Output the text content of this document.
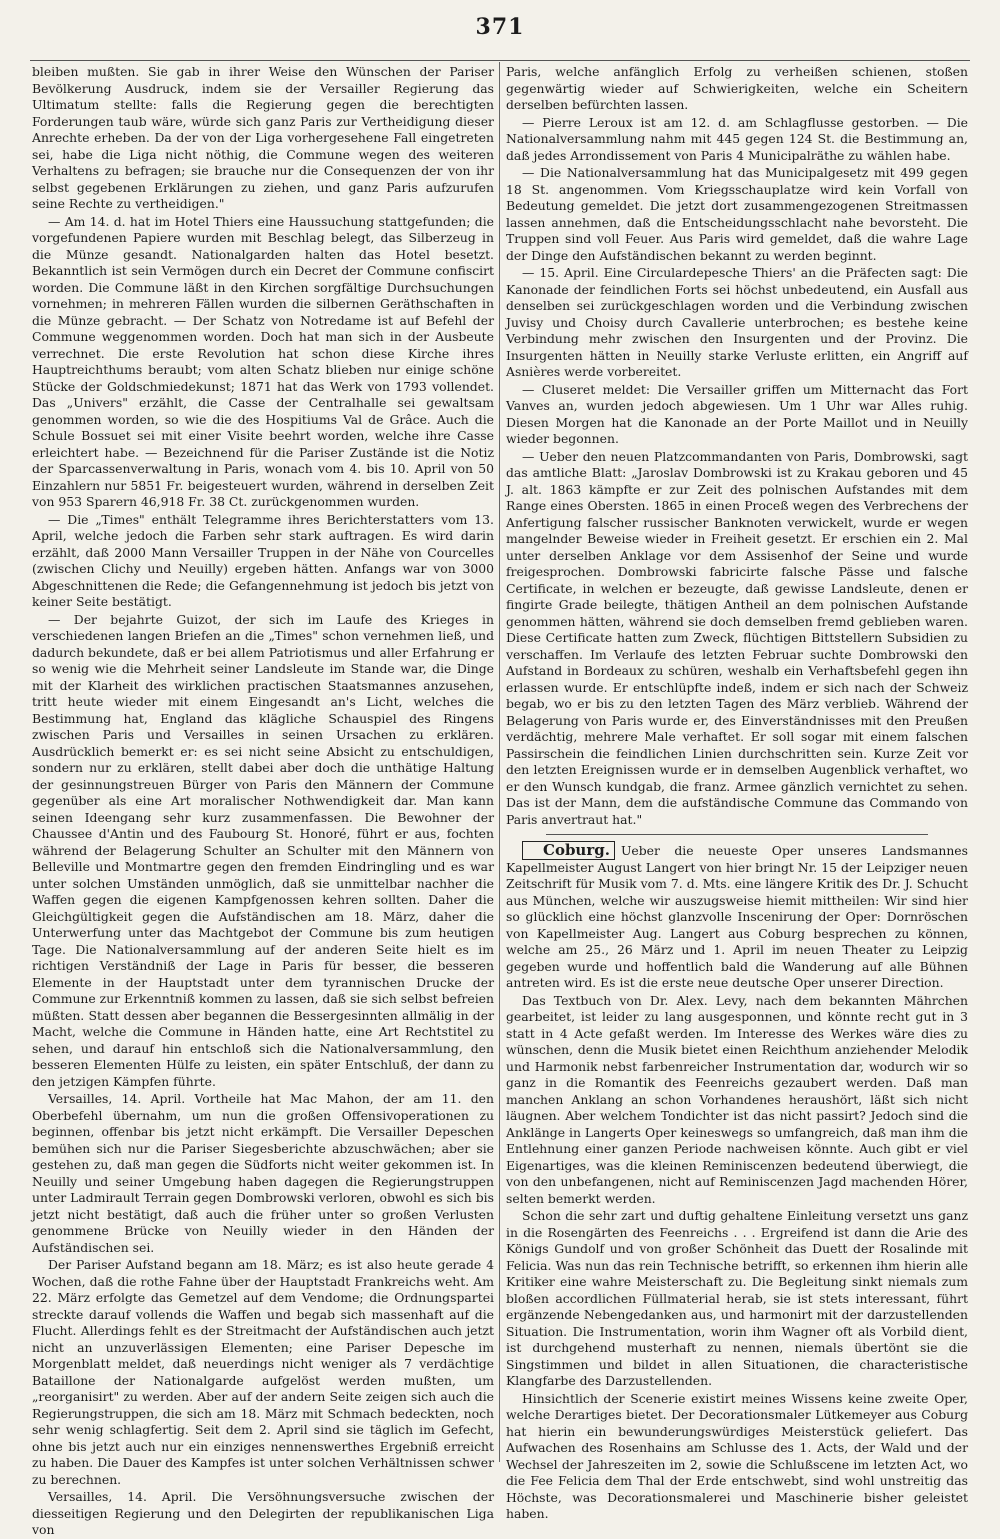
371

bleiben mußten. Sie gab in ihrer Weise den Wünschen der Pariser Bevölkerung Ausdruck, indem sie der Versailler Regierung das Ultimatum stellte: falls die Regierung gegen die berechtigten Forderungen taub wäre, würde sich ganz Paris zur Vertheidigung dieser Anrechte erheben. Da der von der Liga vorhergesehene Fall eingetreten sei, habe die Liga nicht nöthig, die Commune wegen des weiteren Verhaltens zu befragen; sie brauche nur die Consequenzen der von ihr selbst gegebenen Erklärungen zu ziehen, und ganz Paris aufzurufen seine Rechte zu vertheidigen."

— Am 14. d. hat im Hotel Thiers eine Haussuchung stattgefunden; die vorgefundenen Papiere wurden mit Beschlag belegt, das Silberzeug in die Münze gesandt. Nationalgarden halten das Hotel besetzt. Bekanntlich ist sein Vermögen durch ein Decret der Commune confiscirt worden. Die Commune läßt in den Kirchen sorgfältige Durchsuchungen vornehmen; in mehreren Fällen wurden die silbernen Geräthschaften in die Münze gebracht. — Der Schatz von Notredame ist auf Befehl der Commune weggenommen worden. Doch hat man sich in der Ausbeute verrechnet. Die erste Revolution hat schon diese Kirche ihres Hauptreichthums beraubt; vom alten Schatz blieben nur einige schöne Stücke der Goldschmiedekunst; 1871 hat das Werk von 1793 vollendet. Das „Univers" erzählt, die Casse der Centralhalle sei gewaltsam genommen worden, so wie die des Hospitiums Val de Grâce. Auch die Schule Bossuet sei mit einer Visite beehrt worden, welche ihre Casse erleichtert habe. — Bezeichnend für die Pariser Zustände ist die Notiz der Sparcassenverwaltung in Paris, wonach vom 4. bis 10. April von 50 Einzahlern nur 5851 Fr. beigesteuert wurden, während in derselben Zeit von 953 Sparern 46,918 Fr. 38 Ct. zurückgenommen wurden.

— Die „Times" enthält Telegramme ihres Berichterstatters vom 13. April, welche jedoch die Farben sehr stark auftragen. Es wird darin erzählt, daß 2000 Mann Versailler Truppen in der Nähe von Courcelles (zwischen Clichy und Neuilly) ergeben hätten. Anfangs war von 3000 Abgeschnittenen die Rede; die Gefangennehmung ist jedoch bis jetzt von keiner Seite bestätigt.

— Der bejahrte Guizot, der sich im Laufe des Krieges in verschiedenen langen Briefen an die „Times" schon vernehmen ließ, und dadurch bekundete, daß er bei allem Patriotismus und aller Erfahrung er so wenig wie die Mehrheit seiner Landsleute im Stande war, die Dinge mit der Klarheit des wirklichen practischen Staatsmannes anzusehen, tritt heute wieder mit einem Eingesandt an's Licht, welches die Bestimmung hat, England das klägliche Schauspiel des Ringens zwischen Paris und Versailles in seinen Ursachen zu erklären. Ausdrücklich bemerkt er: es sei nicht seine Absicht zu entschuldigen, sondern nur zu erklären, stellt dabei aber doch die unthätige Haltung der gesinnungstreuen Bürger von Paris den Männern der Commune gegenüber als eine Art moralischer Nothwendigkeit dar. Man kann seinen Ideengang sehr kurz zusammenfassen. Die Bewohner der Chaussee d'Antin und des Faubourg St. Honoré, führt er aus, fochten während der Belagerung Schulter an Schulter mit den Männern von Belleville und Montmartre gegen den fremden Eindringling und es war unter solchen Umständen unmöglich, daß sie unmittelbar nachher die Waffen gegen die eigenen Kampfgenossen kehren sollten. Daher die Gleichgültigkeit gegen die Aufständischen am 18. März, daher die Unterwerfung unter das Machtgebot der Commune bis zum heutigen Tage. Die Nationalversammlung auf der anderen Seite hielt es im richtigen Verständniß der Lage in Paris für besser, die besseren Elemente in der Hauptstadt unter dem tyrannischen Drucke der Commune zur Erkenntniß kommen zu lassen, daß sie sich selbst befreien müßten. Statt dessen aber begannen die Bessergesinnten allmälig in der Macht, welche die Commune in Händen hatte, eine Art Rechtstitel zu sehen, und darauf hin entschloß sich die Nationalversammlung, den besseren Elementen Hülfe zu leisten, ein später Entschluß, der dann zu den jetzigen Kämpfen führte.

Versailles, 14. April. Vortheile hat Mac Mahon, der am 11. den Oberbefehl übernahm, um nun die großen Offensivoperationen zu beginnen, offenbar bis jetzt nicht erkämpft. Die Versailler Depeschen bemühen sich nur die Pariser Siegesberichte abzuschwächen; aber sie gestehen zu, daß man gegen die Südforts nicht weiter gekommen ist. In Neuilly und seiner Umgebung haben dagegen die Regierungstruppen unter Ladmirault Terrain gegen Dombrowski verloren, obwohl es sich bis jetzt nicht bestätigt, daß auch die früher unter so großen Verlusten genommene Brücke von Neuilly wieder in den Händen der Aufständischen sei.

Der Pariser Aufstand begann am 18. März; es ist also heute gerade 4 Wochen, daß die rothe Fahne über der Hauptstadt Frankreichs weht. Am 22. März erfolgte das Gemetzel auf dem Vendome; die Ordnungspartei streckte darauf vollends die Waffen und begab sich massenhaft auf die Flucht. Allerdings fehlt es der Streitmacht der Aufständischen auch jetzt nicht an unzuverlässigen Elementen; eine Pariser Depesche im Morgenblatt meldet, daß neuerdings nicht weniger als 7 verdächtige Bataillone der Nationalgarde aufgelöst werden mußten, um „reorganisirt" zu werden. Aber auf der andern Seite zeigen sich auch die Regierungstruppen, die sich am 18. März mit Schmach bedeckten, noch sehr wenig schlagfertig. Seit dem 2. April sind sie täglich im Gefecht, ohne bis jetzt auch nur ein einziges nennenswerthes Ergebniß erreicht zu haben. Die Dauer des Kampfes ist unter solchen Verhältnissen schwer zu berechnen.

Versailles, 14. April. Die Versöhnungsversuche zwischen der diesseitigen Regierung und den Delegirten der republikanischen Liga von

Paris, welche anfänglich Erfolg zu verheißen schienen, stoßen gegenwärtig wieder auf Schwierigkeiten, welche ein Scheitern derselben befürchten lassen.

— Pierre Leroux ist am 12. d. am Schlagflusse gestorben. — Die Nationalversammlung nahm mit 445 gegen 124 St. die Bestimmung an, daß jedes Arrondissement von Paris 4 Municipalräthe zu wählen habe.

— Die Nationalversammlung hat das Municipalgesetz mit 499 gegen 18 St. angenommen. Vom Kriegsschauplatze wird kein Vorfall von Bedeutung gemeldet. Die jetzt dort zusammengezogenen Streitmassen lassen annehmen, daß die Entscheidungsschlacht nahe bevorsteht. Die Truppen sind voll Feuer. Aus Paris wird gemeldet, daß die wahre Lage der Dinge den Aufständischen bekannt zu werden beginnt.

— 15. April. Eine Circulardepesche Thiers' an die Präfecten sagt: Die Kanonade der feindlichen Forts sei höchst unbedeutend, ein Ausfall aus denselben sei zurückgeschlagen worden und die Verbindung zwischen Juvisy und Choisy durch Cavallerie unterbrochen; es bestehe keine Verbindung mehr zwischen den Insurgenten und der Provinz. Die Insurgenten hätten in Neuilly starke Verluste erlitten, ein Angriff auf Asnières werde vorbereitet.

— Cluseret meldet: Die Versailler griffen um Mitternacht das Fort Vanves an, wurden jedoch abgewiesen. Um 1 Uhr war Alles ruhig. Diesen Morgen hat die Kanonade an der Porte Maillot und in Neuilly wieder begonnen.

— Ueber den neuen Platzcommandanten von Paris, Dombrowski, sagt das amtliche Blatt: „Jaroslav Dombrowski ist zu Krakau geboren und 45 J. alt. 1863 kämpfte er zur Zeit des polnischen Aufstandes mit dem Range eines Obersten. 1865 in einen Proceß wegen des Verbrechens der Anfertigung falscher russischer Banknoten verwickelt, wurde er wegen mangelnder Beweise wieder in Freiheit gesetzt. Er erschien ein 2. Mal unter derselben Anklage vor dem Assisenhof der Seine und wurde freigesprochen. Dombrowski fabricirte falsche Pässe und falsche Certificate, in welchen er bezeugte, daß gewisse Landsleute, denen er fingirte Grade beilegte, thätigen Antheil an dem polnischen Aufstande genommen hätten, während sie doch demselben fremd geblieben waren. Diese Certificate hatten zum Zweck, flüchtigen Bittstellern Subsidien zu verschaffen. Im Verlaufe des letzten Februar suchte Dombrowski den Aufstand in Bordeaux zu schüren, weshalb ein Verhaftsbefehl gegen ihn erlassen wurde. Er entschlüpfte indeß, indem er sich nach der Schweiz begab, wo er bis zu den letzten Tagen des März verblieb. Während der Belagerung von Paris wurde er, des Einverständnisses mit den Preußen verdächtig, mehrere Male verhaftet. Er soll sogar mit einem falschen Passirschein die feindlichen Linien durchschritten sein. Kurze Zeit vor den letzten Ereignissen wurde er in demselben Augenblick verhaftet, wo er den Wunsch kundgab, die franz. Armee gänzlich vernichtet zu sehen. Das ist der Mann, dem die aufständische Commune das Commando von Paris anvertraut hat."

Coburg. Ueber die neueste Oper unseres Landsmannes Kapellmeister August Langert von hier bringt Nr. 15 der Leipziger neuen Zeitschrift für Musik vom 7. d. Mts. eine längere Kritik des Dr. J. Schucht aus München, welche wir auszugsweise hiemit mittheilen: Wir sind hier so glücklich eine höchst glanzvolle Inscenirung der Oper: Dornröschen von Kapellmeister Aug. Langert aus Coburg besprechen zu können, welche am 25., 26 März und 1. April im neuen Theater zu Leipzig gegeben wurde und hoffentlich bald die Wanderung auf alle Bühnen antreten wird. Es ist die erste neue deutsche Oper unserer Direction.

Das Textbuch von Dr. Alex. Levy, nach dem bekannten Mährchen gearbeitet, ist leider zu lang ausgesponnen, und könnte recht gut in 3 statt in 4 Acte gefaßt werden. Im Interesse des Werkes wäre dies zu wünschen, denn die Musik bietet einen Reichthum anziehender Melodik und Harmonik nebst farbenreicher Instrumentation dar, wodurch wir so ganz in die Romantik des Feenreichs gezaubert werden. Daß man manchen Anklang an schon Vorhandenes heraushört, läßt sich nicht läugnen. Aber welchem Tondichter ist das nicht passirt? Jedoch sind die Anklänge in Langerts Oper keineswegs so umfangreich, daß man ihm die Entlehnung einer ganzen Periode nachweisen könnte. Auch gibt er viel Eigenartiges, was die kleinen Reminiscenzen bedeutend überwiegt, die von den unbefangenen, nicht auf Reminiscenzen Jagd machenden Hörer, selten bemerkt werden.

Schon die sehr zart und duftig gehaltene Einleitung versetzt uns ganz in die Rosengärten des Feenreichs . . . Ergreifend ist dann die Arie des Königs Gundolf und von großer Schönheit das Duett der Rosalinde mit Felicia. Was nun das rein Technische betrifft, so erkennen ihm hierin alle Kritiker eine wahre Meisterschaft zu. Die Begleitung sinkt niemals zum bloßen accordlichen Füllmaterial herab, sie ist stets interessant, führt ergänzende Nebengedanken aus, und harmonirt mit der darzustellenden Situation. Die Instrumentation, worin ihm Wagner oft als Vorbild dient, ist durchgehend musterhaft zu nennen, niemals übertönt sie die Singstimmen und bildet in allen Situationen, die characteristische Klangfarbe des Darzustellenden.

Hinsichtlich der Scenerie existirt meines Wissens keine zweite Oper, welche Derartiges bietet. Der Decorationsmaler Lütkemeyer aus Coburg hat hierin ein bewunderungswürdiges Meisterstück geliefert. Das Aufwachen des Rosenhains am Schlusse des 1. Acts, der Wald und der Wechsel der Jahreszeiten im 2, sowie die Schlußscene im letzten Act, wo die Fee Felicia dem Thal der Erde entschwebt, sind wohl unstreitig das Höchste, was Decorationsmalerei und Maschinerie bisher geleistet haben.
